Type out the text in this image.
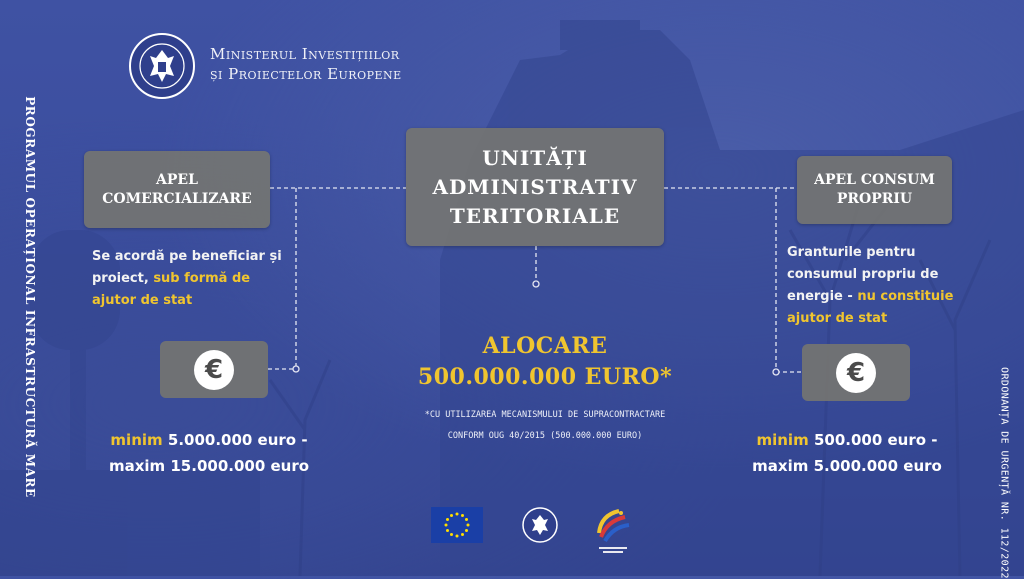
Ministerul Investițiilor
și Proiectelor Europene
PROGRAMUL OPERAȚIONAL INFRASTRUCTURĂ MARE	ORDONANȚA DE URGENȚĂ NR. 112/2022
APEL
COMERCIALIZARE
UNITĂȚI
ADMINISTRATIV
TERITORIALE
APEL CONSUM
PROPRIU
Se acordă pe beneficiar și proiect, sub formă de ajutor de stat
Granturile pentru consumul propriu de energie - nu constituie ajutor de stat
€	€
minim 5.000.000 euro -
maxim 15.000.000 euro
minim 500.000 euro -
maxim 5.000.000 euro
ALOCARE
500.000.000 EURO*
*CU UTILIZAREA MECANISMULUI DE SUPRACONTRACTARE
CONFORM OUG 40/2015 (500.000.000 EURO)
